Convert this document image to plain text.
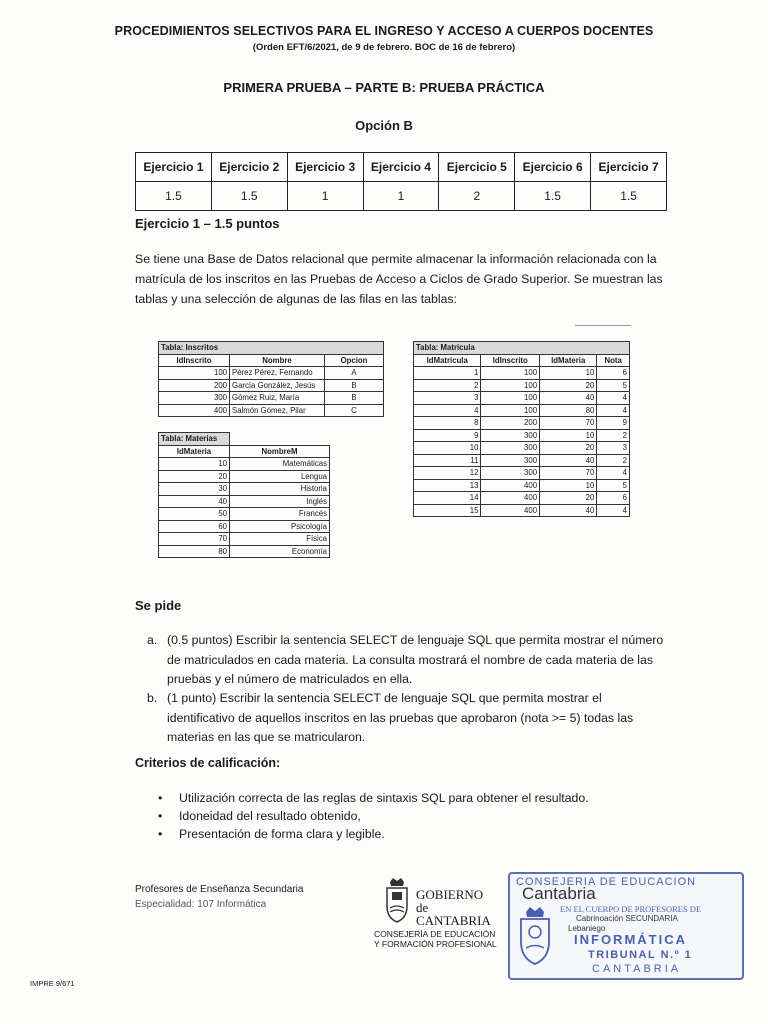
PROCEDIMIENTOS SELECTIVOS PARA EL INGRESO Y ACCESO A CUERPOS DOCENTES
(Orden EFT/6/2021, de 9 de febrero. BOC de 16 de febrero)
PRIMERA PRUEBA – PARTE B: PRUEBA PRÁCTICA
Opción B
Ejercicio 1	Ejercicio 2	Ejercicio 3	Ejercicio 4	Ejercicio 5	Ejercicio 6	Ejercicio 7
1.5	1.5	1	1	2	1.5	1.5
Ejercicio 1 – 1.5 puntos
Se tiene una Base de Datos relacional que permite almacenar la información relacionada con la matrícula de los inscritos en las Pruebas de Acceso a Ciclos de Grado Superior. Se muestran las tablas y una selección de algunas de las filas en las tablas:
Tabla: Inscritos		
IdInscrito	Nombre	Opcion
100	Pérez Pérez, Fernando	A
200	García González, Jesús	B
300	Gómez Ruiz, María	B
400	Salmón Gómez, Pilar	C
Tabla: Materias	
IdMateria	NombreM
10	Matemáticas
20	Lengua
30	Historia
40	Inglés
50	Francés
60	Psicología
70	Física
80	Economía
Tabla: Matricula			
IdMatricula	IdInscrito	IdMateria	Nota
1	100	10	6
2	100	20	5
3	100	40	4
4	100	80	4
8	200	70	9
9	300	10	2
10	300	20	3
11	300	40	2
12	300	70	4
13	400	10	5
14	400	20	6
15	400	40	4
Se pide
a. (0.5 puntos) Escribir la sentencia SELECT de lenguaje SQL que permita mostrar el número de matriculados en cada materia. La consulta mostrará el nombre de cada materia de las pruebas y el número de matriculados en ella.
b. (1 punto) Escribir la sentencia SELECT de lenguaje SQL que permita mostrar el identificativo de aquellos inscritos en las pruebas que aprobaron (nota >= 5) todas las materias en las que se matricularon.
Criterios de calificación:
• Utilización correcta de las reglas de sintaxis SQL para obtener el resultado.
• Idoneidad del resultado obtenido,
• Presentación de forma clara y legible.
Profesores de Enseñanza Secundaria
Especialidad: 107 Informática
IMPRE 9/671
GOBIERNO
de
CANTABRIA
CONSEJERÍA DE EDUCACIÓN
Y FORMACIÓN PROFESIONAL
CONSEJERIA DE EDUCACION
Cantabria
EN EL CUERPO DE PROFESORES DE
Cabrinoación SECUNDARIA
Lebaniego
INFORMÁTICA
TRIBUNAL N.º 1
CANTABRIA
